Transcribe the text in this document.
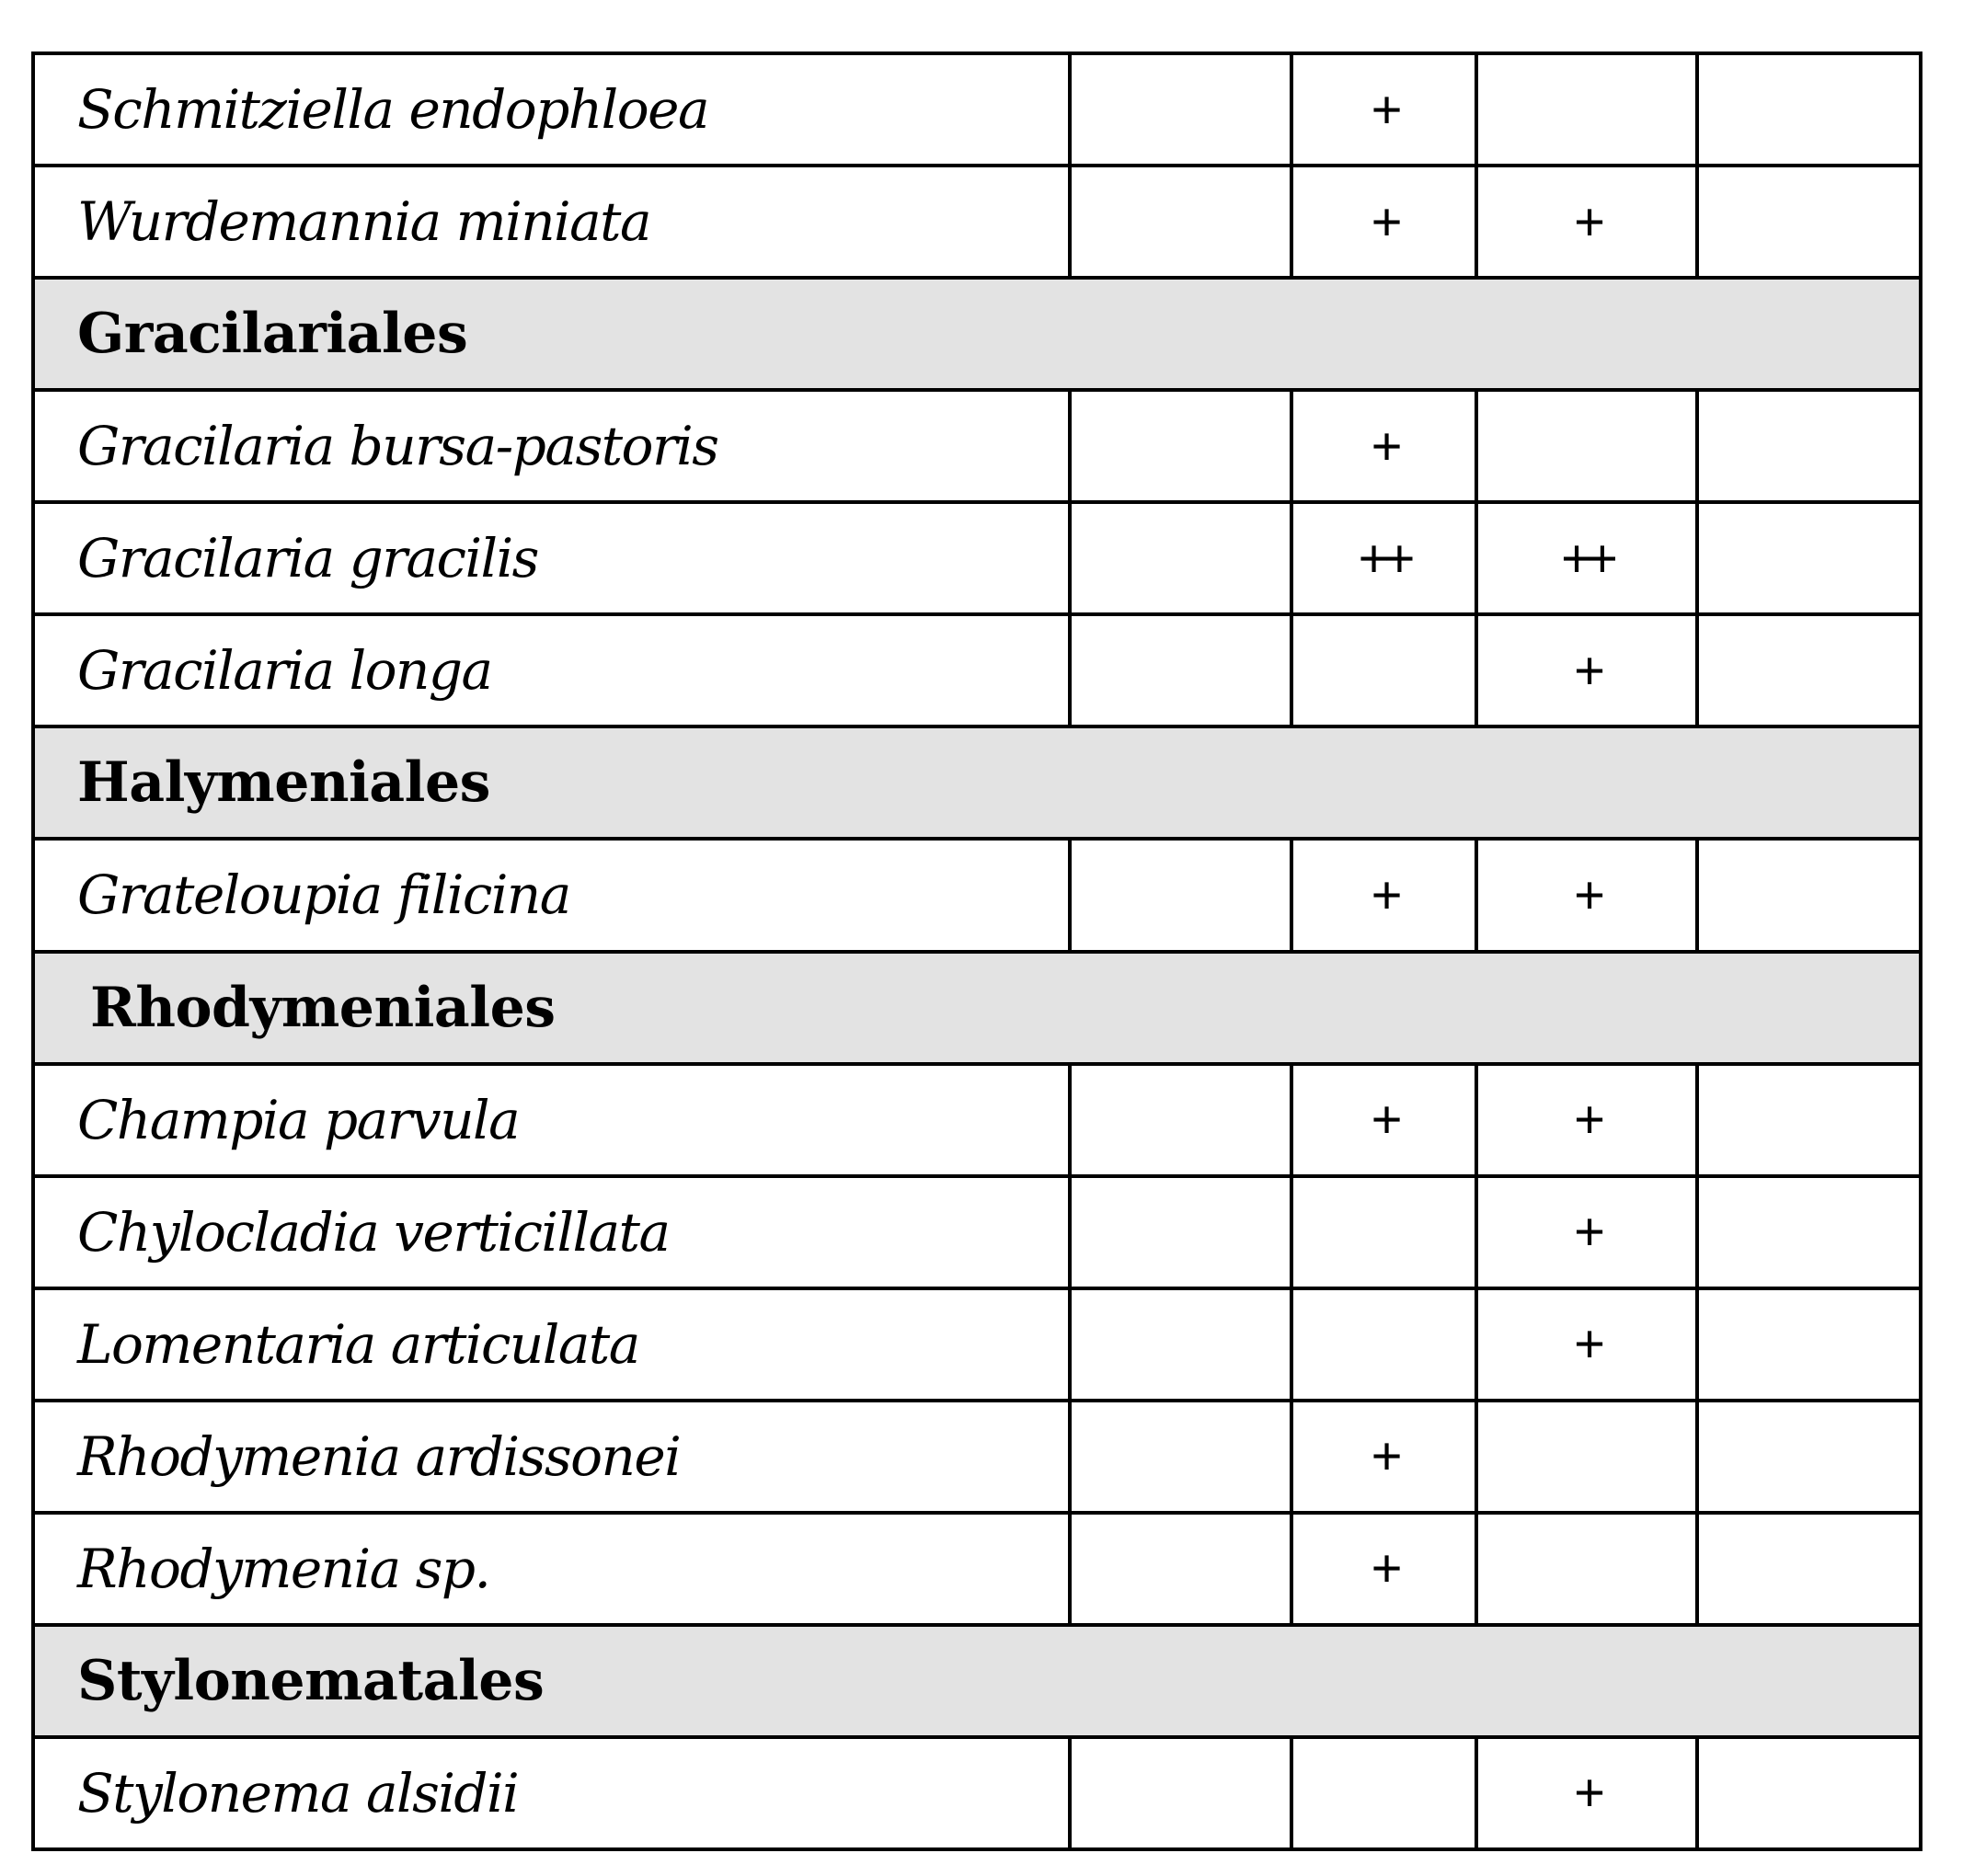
Schmitziella endophloea		+		
Wurdemannia miniata		+	+	
Gracilariales				
Gracilaria bursa-pastoris		+		
Gracilaria gracilis		++	++	
Gracilaria longa			+	
Halymeniales				
Grateloupia filicina		+	+	
Rhodymeniales				
Champia parvula		+	+	
Chylocladia verticillata			+	
Lomentaria articulata			+	
Rhodymenia ardissonei		+		
Rhodymenia sp.		+		
Stylonematales				
Stylonema alsidii			+	
